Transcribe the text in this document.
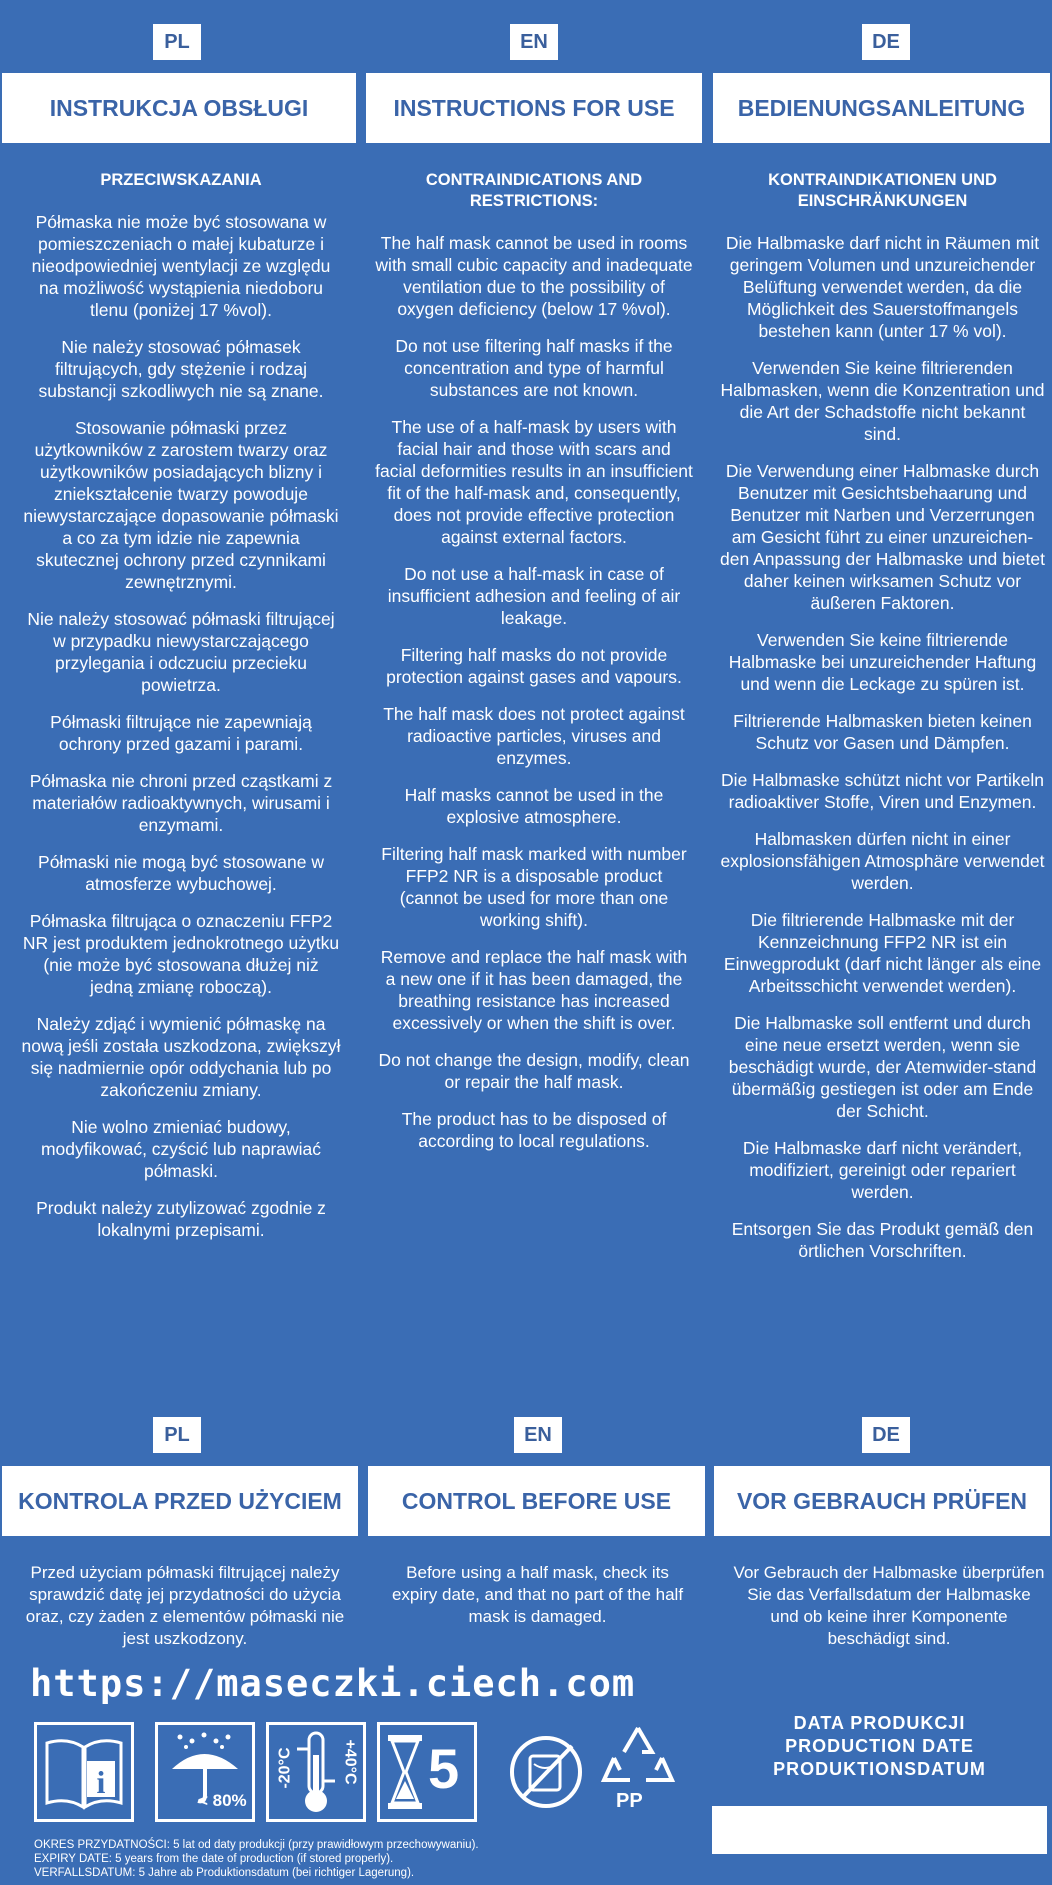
PL	EN	DE
INSTRUKCJA OBSŁUGI	INSTRUCTIONS FOR USE	BEDIENUNGSANLEITUNG
PRZECIWSKAZANIA
Półmaska nie może być stosowana w pomieszczeniach o małej kubaturze i nieodpowiedniej wentylacji ze względu na możliwość wystąpienia niedoboru tlenu (poniżej 17 %vol).
Nie należy stosować półmasek filtrujących, gdy stężenie i rodzaj substancji szkodliwych nie są znane.
Stosowanie półmaski przez użytkowników z zarostem twarzy oraz użytkowników posiadających blizny i zniekształcenie twarzy powoduje niewystarczające dopasowanie półmaski a co za tym idzie nie zapewnia skutecznej ochrony przed czynnikami zewnętrznymi.
Nie należy stosować półmaski filtrującej w przypadku niewystarczającego przylegania i odczuciu przecieku powietrza.
Półmaski filtrujące nie zapewniają ochrony przed gazami i parami.
Półmaska nie chroni przed cząstkami z materiałów radioaktywnych, wirusami i enzymami.
Półmaski nie mogą być stosowane w atmosferze wybuchowej.
Półmaska filtrująca o oznaczeniu FFP2 NR jest produktem jednokrotnego użytku (nie może być stosowana dłużej niż jedną zmianę roboczą).
Należy zdjąć i wymienić półmaskę na nową jeśli została uszkodzona, zwiększył się nadmiernie opór oddychania lub po zakończeniu zmiany.
Nie wolno zmieniać budowy, modyfikować, czyścić lub naprawiać półmaski.
Produkt należy zutylizować zgodnie z lokalnymi przepisami.
CONTRAINDICATIONS AND RESTRICTIONS:
The half mask cannot be used in rooms with small cubic capacity and inadequate ventilation due to the possibility of oxygen deficiency (below 17 %vol).
Do not use filtering half masks if the concentration and type of harmful substances are not known.
The use of a half-mask by users with facial hair and those with scars and facial deformities results in an insufficient fit of the half-mask and, consequently, does not provide effective protection against external factors.
Do not use a half-mask in case of insufficient adhesion and feeling of air leakage.
Filtering half masks do not provide protection against gases and vapours.
The half mask does not protect against radioactive particles, viruses and enzymes.
Half masks cannot be used in the explosive atmosphere.
Filtering half mask marked with number FFP2 NR is a disposable product (cannot be used for more than one working shift).
Remove and replace the half mask with a new one if it has been damaged, the breathing resistance has increased excessively or when the shift is over.
Do not change the design, modify, clean or repair the half mask.
The product has to be disposed of according to local regulations.
KONTRAINDIKATIONEN UND EINSCHRÄNKUNGEN
Die Halbmaske darf nicht in Räumen mit geringem Volumen und unzureichender Belüftung verwendet werden, da die Möglichkeit des Sauerstoffmangels bestehen kann (unter 17 % vol).
Verwenden Sie keine filtrierenden Halbmasken, wenn die Konzentration und die Art der Schadstoffe nicht bekannt sind.
Die Verwendung einer Halbmaske durch Benutzer mit Gesichtsbehaarung und Benutzer mit Narben und Verzerrungen am Gesicht führt zu einer unzureichen-den Anpassung der Halbmaske und bietet daher keinen wirksamen Schutz vor äußeren Faktoren.
Verwenden Sie keine filtrierende Halbmaske bei unzureichender Haftung und wenn die Leckage zu spüren ist.
Filtrierende Halbmasken bieten keinen Schutz vor Gasen und Dämpfen.
Die Halbmaske schützt nicht vor Partikeln radioaktiver Stoffe, Viren und Enzymen.
Halbmasken dürfen nicht in einer explosionsfähigen Atmosphäre verwendet werden.
Die filtrierende Halbmaske mit der Kennzeichnung FFP2 NR ist ein Einwegprodukt (darf nicht länger als eine Arbeitsschicht verwendet werden).
Die Halbmaske soll entfernt und durch eine neue ersetzt werden, wenn sie beschädigt wurde, der Atemwider-stand übermäßig gestiegen ist oder am Ende der Schicht.
Die Halbmaske darf nicht verändert, modifiziert, gereinigt oder repariert werden.
Entsorgen Sie das Produkt gemäß den örtlichen Vorschriften.
PL	EN	DE
KONTROLA PRZED UŻYCIEM	CONTROL BEFORE USE	VOR GEBRAUCH PRÜFEN
Przed użyciam półmaski filtrującej należy sprawdzić datę jej przydatności do użycia oraz, czy żaden z elementów półmaski nie jest uszkodzony.
Before using a half mask, check its expiry date, and that no part of the half mask is damaged.
Vor Gebrauch der Halbmaske überprüfen Sie das Verfallsdatum der Halbmaske und ob keine ihrer Komponente beschädigt sind.
https://maseczki.ciech.com
i
< 80%
-20°C	+40°C 5
PP
DATA PRODUKCJI
PRODUCTION DATE
PRODUKTIONSDATUM
OKRES PRZYDATNOŚCI: 5 lat od daty produkcji (przy prawidłowym przechowywaniu).
EXPIRY DATE: 5 years from the date of production (if stored properly).
VERFALLSDATUM: 5 Jahre ab Produktionsdatum (bei richtiger Lagerung).
